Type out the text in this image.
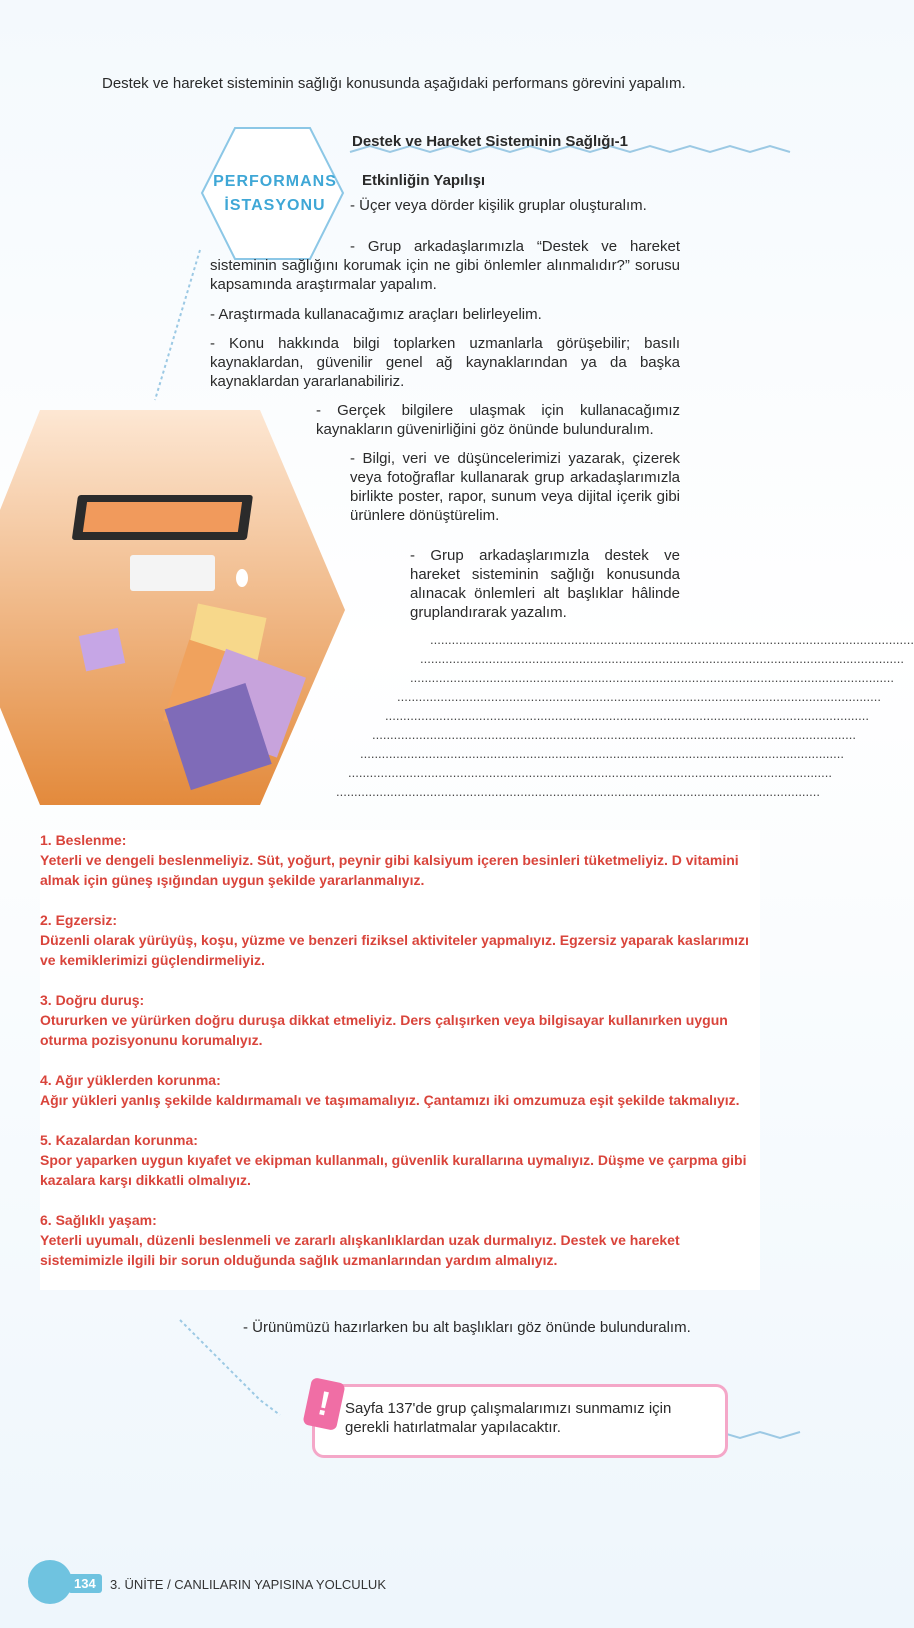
Destek ve hareket sisteminin sağlığı konusunda aşağıdaki performans görevini yapalım.
PERFORMANS
İSTASYONU
Destek ve Hareket Sisteminin Sağlığı-1
Etkinliğin Yapılışı
- Üçer veya dörder kişilik gruplar oluşturalım.
- Grup arkadaşlarımızla “Destek ve hareket sisteminin sağlığını korumak için ne gibi önlemler alınmalıdır?” sorusu kapsamında araştırmalar yapalım.
- Araştırmada kullanacağımız araçları belirleyelim.
- Konu hakkında bilgi toplarken uzmanlarla görüşebilir; basılı kaynaklardan, güvenilir genel ağ kaynaklarından ya da başka kaynaklardan yararlanabiliriz.
- Gerçek bilgilere ulaşmak için kullanacağımız kaynakların güvenirliğini göz önünde bulunduralım.
- Bilgi, veri ve düşüncelerimizi yazarak, çizerek veya fotoğraflar kullanarak grup arkadaşlarımızla birlikte poster, rapor, sunum veya dijital içerik gibi ürünlere dönüştürelim.
- Grup arkadaşlarımızla destek ve hareket sisteminin sağlığı konusunda alınacak önlemleri alt başlıklar hâlinde gruplandırarak yazalım.
......................................................................................................................................
......................................................................................................................................
......................................................................................................................................
......................................................................................................................................
......................................................................................................................................
......................................................................................................................................
......................................................................................................................................
......................................................................................................................................
......................................................................................................................................
1. Beslenme:
Yeterli ve dengeli beslenmeliyiz. Süt, yoğurt, peynir gibi kalsiyum içeren besinleri tüketmeliyiz. D vitamini almak için güneş ışığından uygun şekilde yararlanmalıyız.
2. Egzersiz:
Düzenli olarak yürüyüş, koşu, yüzme ve benzeri fiziksel aktiviteler yapmalıyız. Egzersiz yaparak kaslarımızı ve kemiklerimizi güçlendirmeliyiz.
3. Doğru duruş:
Otururken ve yürürken doğru duruşa dikkat etmeliyiz. Ders çalışırken veya bilgisayar kullanırken uygun oturma pozisyonunu korumalıyız.
4. Ağır yüklerden korunma:
Ağır yükleri yanlış şekilde kaldırmamalı ve taşımamalıyız. Çantamızı iki omzumuza eşit şekilde takmalıyız.
5. Kazalardan korunma:
Spor yaparken uygun kıyafet ve ekipman kullanmalı, güvenlik kurallarına uymalıyız. Düşme ve çarpma gibi kazalara karşı dikkatli olmalıyız.
6. Sağlıklı yaşam:
Yeterli uyumalı, düzenli beslenmeli ve zararlı alışkanlıklardan uzak durmalıyız. Destek ve hareket sistemimizle ilgili bir sorun olduğunda sağlık uzmanlarından yardım almalıyız.
- Ürünümüzü hazırlarken bu alt başlıkları göz önünde bulunduralım.
! Sayfa 137'de grup çalışmalarımızı sunmamız için gerekli hatırlatmalar yapılacaktır.
134	3. ÜNİTE / CANLILARIN YAPISINA YOLCULUK
